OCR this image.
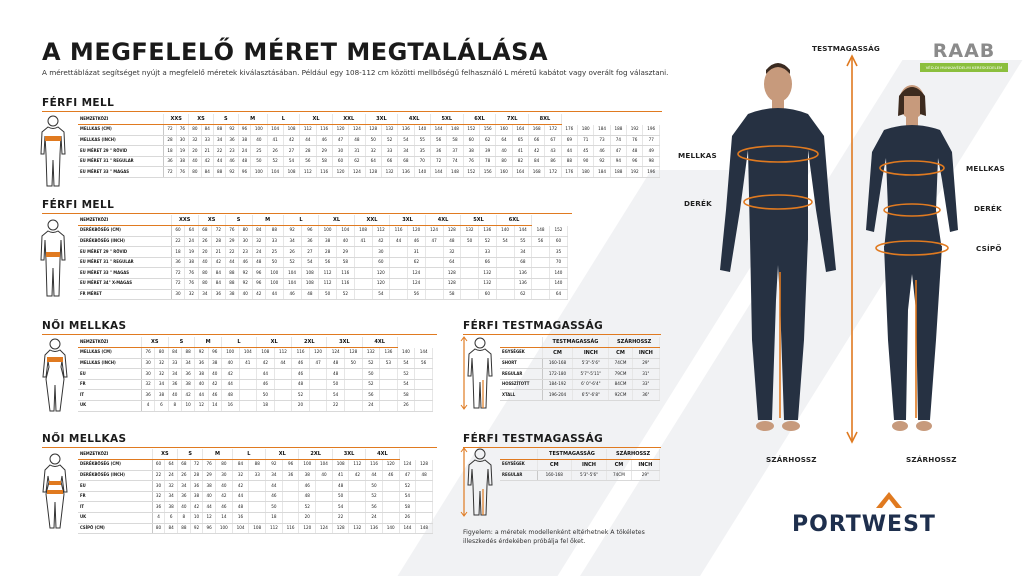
A MEGFELELŐ MÉRET MEGTALÁLÁSA

A mérettáblázat segítséget nyújt a megfelelő méretek kiválasztásában. Például egy 108-112 cm közötti mellbőségű felhasználó L méretű kabátot vagy overált fog választani.

RAAB
VÉD-DI MUNKAVÉDELMI KERESKEDELEM
FÉRFI MELL
NEMZETKÖZI	XXS		XS		S		M		L		XL		XXL		3XL		4XL		5XL		6XL		7XL		8XL							
MELLKAS (CM)	72	76	80	84	88	92	96	100	104	108	112	116	120	124	128	132	136	140	144	148	152	156	160	164	168	172	176	180	184	188	192	196
MELLKAS (INCH)	28	30	32	33	34	36	38	40	41	42	44	46	47	48	50	52	54	55	56	58	60	62	64	65	66	67	69	71	73	74	76	77
EU MÉRET 29 " RÖVID	18	19	20	21	22	23	24	25	26	27	28	29	30	31	32	33	34	35	36	37	38	39	40	41	42	43	44	45	46	47	48	49
EU MÉRET 31 " REGULAR	36	38	40	42	44	46	48	50	52	54	56	58	60	62	64	66	68	70	72	74	76	78	80	82	84	86	88	90	92	94	96	98
EU MÉRET 33 " MAGAS	72	76	80	84	88	92	96	100	104	108	112	116	120	124	128	132	136	140	144	148	152	156	160	164	168	172	176	180	184	188	192	196
FÉRFI MELL
NEMZETKÖZI	XXS		XS		S		M		L		XL		XXL		3XL		4XL		5XL		6XL			
DERÉKBŐSÉG (CM)	60	64	68	72	76	80	84	88	92	96	100	104	108	112	116	120	124	128	132	136	140	144	148	152
DERÉKBŐSÉG (INCH)	22	24	26	28	29	30	32	33	34	36	38	40	41	42	44	46	47	48	50	52	54	55	56	60
EU MÉRET 29 " RÖVID	18	19	20	21	22	23	24	25	26	27	28	29		30		31		32		33		34		35
EU MÉRET 31 " REGULAR	36	38	40	42	44	46	48	50	52	54	56	58		60		62		64		66		68		70
EU MÉRET 33 " MAGAS	72	76	80	84	88	92	96	100	104	108	112	116		120		124		128		132		136		140
EU MÉRET 34" X-MAGAS	72	76	80	84	88	92	96	100	104	108	112	116		120		124		128		132		136		140
FR MÉRET	30	32	34	36	38	40	42	44	46	48	50	52		54		56		58		60		62		64
NŐI MELLKAS
NEMZETKÖZI	XS		S		M		L		XL		2XL		3XL		4XL			
MELLKAS (CM)	76	80	84	88	92	96	100	104	108	112	116	120	124	128	132	136	140	144
MELLKAS (INCH)	30	32	33	34	36	38	40	41	42	44	46	47	48	50	52	53	54	56
EU	30	32	34	36	38	40	42		44		46		48		50		52	
FR	32	34	36	38	40	42	44		46		48		50		52		54	
IT	36	38	40	42	44	46	48		50		52		54		56		58	
UK	4	6	8	10	12	14	16		18		20		22		24		26	
NŐI MELLKAS
NEMZETKÖZI	XS		S		M		L		XL		2XL		3XL		4XL			
DERÉKBŐSÉG (CM)	60	64	68	72	76	80	84	88	92	96	100	104	108	112	116	120	124	128
DERÉKBŐSÉG (INCH)	22	24	26	28	29	30	32	33	34	36	38	40	41	42	44	46	47	48
EU	30	32	34	36	38	40	42		44		46		48		50		52	
FR	32	34	36	38	40	42	44		46		48		50		52		54	
IT	36	38	40	42	44	46	48		50		52		54		56		58	
UK	4	6	8	10	12	14	16		18		20		22		24		26	
CSÍPŐ (CM)	80	84	88	92	96	100	104	108	112	116	120	124	128	132	136	140	144	148
FÉRFI TESTMAGASSÁG
	TESTMAGASSÁG		SZÁRHOSSZ	
EGYSÉGEK	CM	INCH	CM	INCH
SHORT	160-168	5'3"-5'6"	74CM	29"
REGULAR	172-180	5'7"-5'11"	79CM	31"
HOSSZÍTOTT	184-192	6' 0"-6'4"	84CM	33"
XTALL	196-204	6'5"-6'8"	92CM	36"
FÉRFI TESTMAGASSÁG
	TESTMAGASSÁG		SZÁRHOSSZ	
EGYSÉGEK	CM	INCH	CM	INCH
REGULAR	160-168	5'3"-5'6"	74CM	29"

Figyelem: a méretek modellenként eltérhetnek A tökéletes illeszkedés érdekében próbálja fel őket.

TESTMAGASSÁG
MELLKAS
DERÉK
MELLKAS
DERÉK
CSÍPŐ
SZÁRHOSSZ	SZÁRHOSSZ
PORTWEST
